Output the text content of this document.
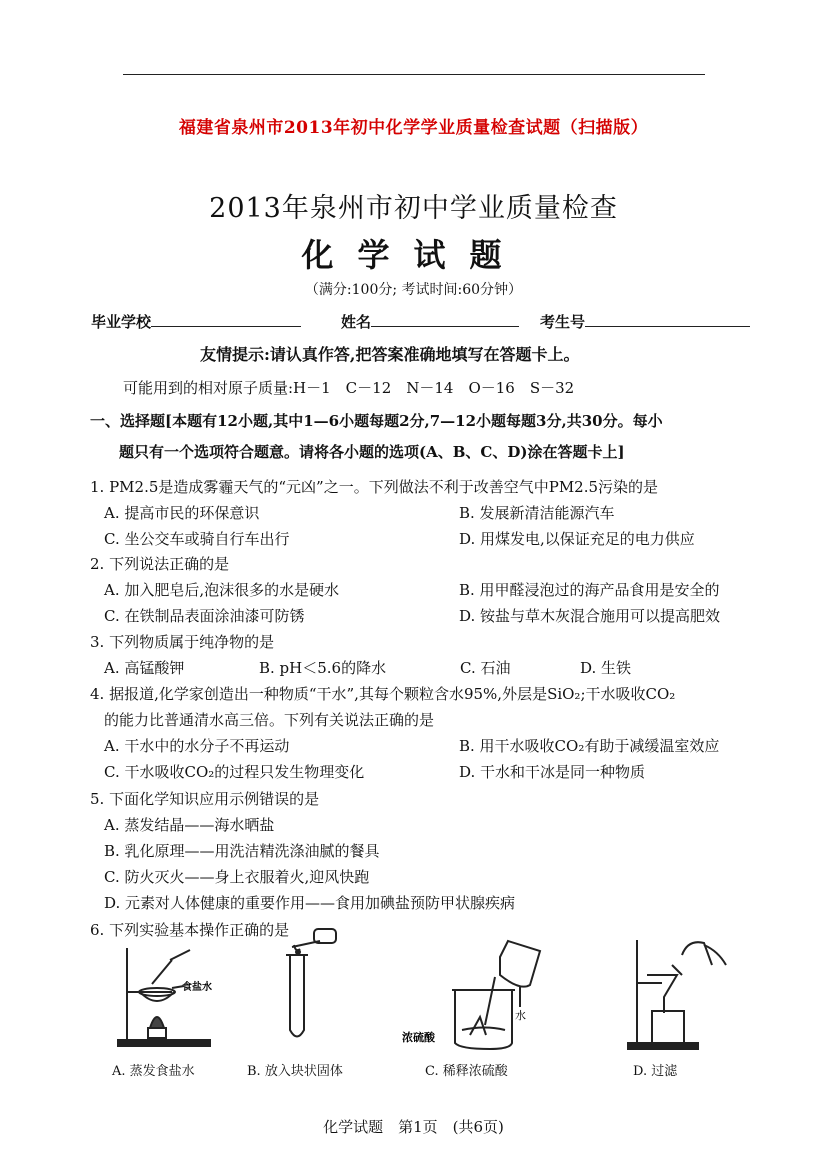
福建省泉州市2013年初中化学学业质量检查试题（扫描版）
2013年泉州市初中学业质量检查
化学试题
（满分:100分; 考试时间:60分钟）
毕业学校	姓名	考生号
友情提示:请认真作答,把答案准确地填写在答题卡上。
可能用到的相对原子质量:H－1　C－12　N－14　O－16　S－32
一、选择题[本题有12小题,其中1—6小题每题2分,7—12小题每题3分,共30分。每小
题只有一个选项符合题意。请将各小题的选项(A、B、C、D)涂在答题卡上]
1. PM2.5是造成雾霾天气的“元凶”之一。下列做法不利于改善空气中PM2.5污染的是
A. 提高市民的环保意识	B. 发展新清洁能源汽车
C. 坐公交车或骑自行车出行	D. 用煤发电,以保证充足的电力供应
2. 下列说法正确的是
A. 加入肥皂后,泡沫很多的水是硬水	B. 用甲醛浸泡过的海产品食用是安全的
C. 在铁制品表面涂油漆可防锈	D. 铵盐与草木灰混合施用可以提高肥效
3. 下列物质属于纯净物的是
A. 高锰酸钾	B. pH＜5.6的降水	C. 石油	D. 生铁
4. 据报道,化学家创造出一种物质“干水”,其每个颗粒含水95%,外层是SiO₂;干水吸收CO₂
的能力比普通清水高三倍。下列有关说法正确的是
A. 干水中的水分子不再运动	B. 用干水吸收CO₂有助于减缓温室效应
C. 干水吸收CO₂的过程只发生物理变化	D. 干水和干冰是同一种物质
5. 下面化学知识应用示例错误的是
A. 蒸发结晶——海水晒盐
B. 乳化原理——用洗洁精洗涤油腻的餐具
C. 防火灭火——身上衣服着火,迎风快跑
D. 元素对人体健康的重要作用——食用加碘盐预防甲状腺疾病
6. 下列实验基本操作正确的是
食盐水
A. 蒸发食盐水	B. 放入块状固体
水
浓硫酸
C. 稀释浓硫酸	D. 过滤
化学试题　第1页　(共6页)
